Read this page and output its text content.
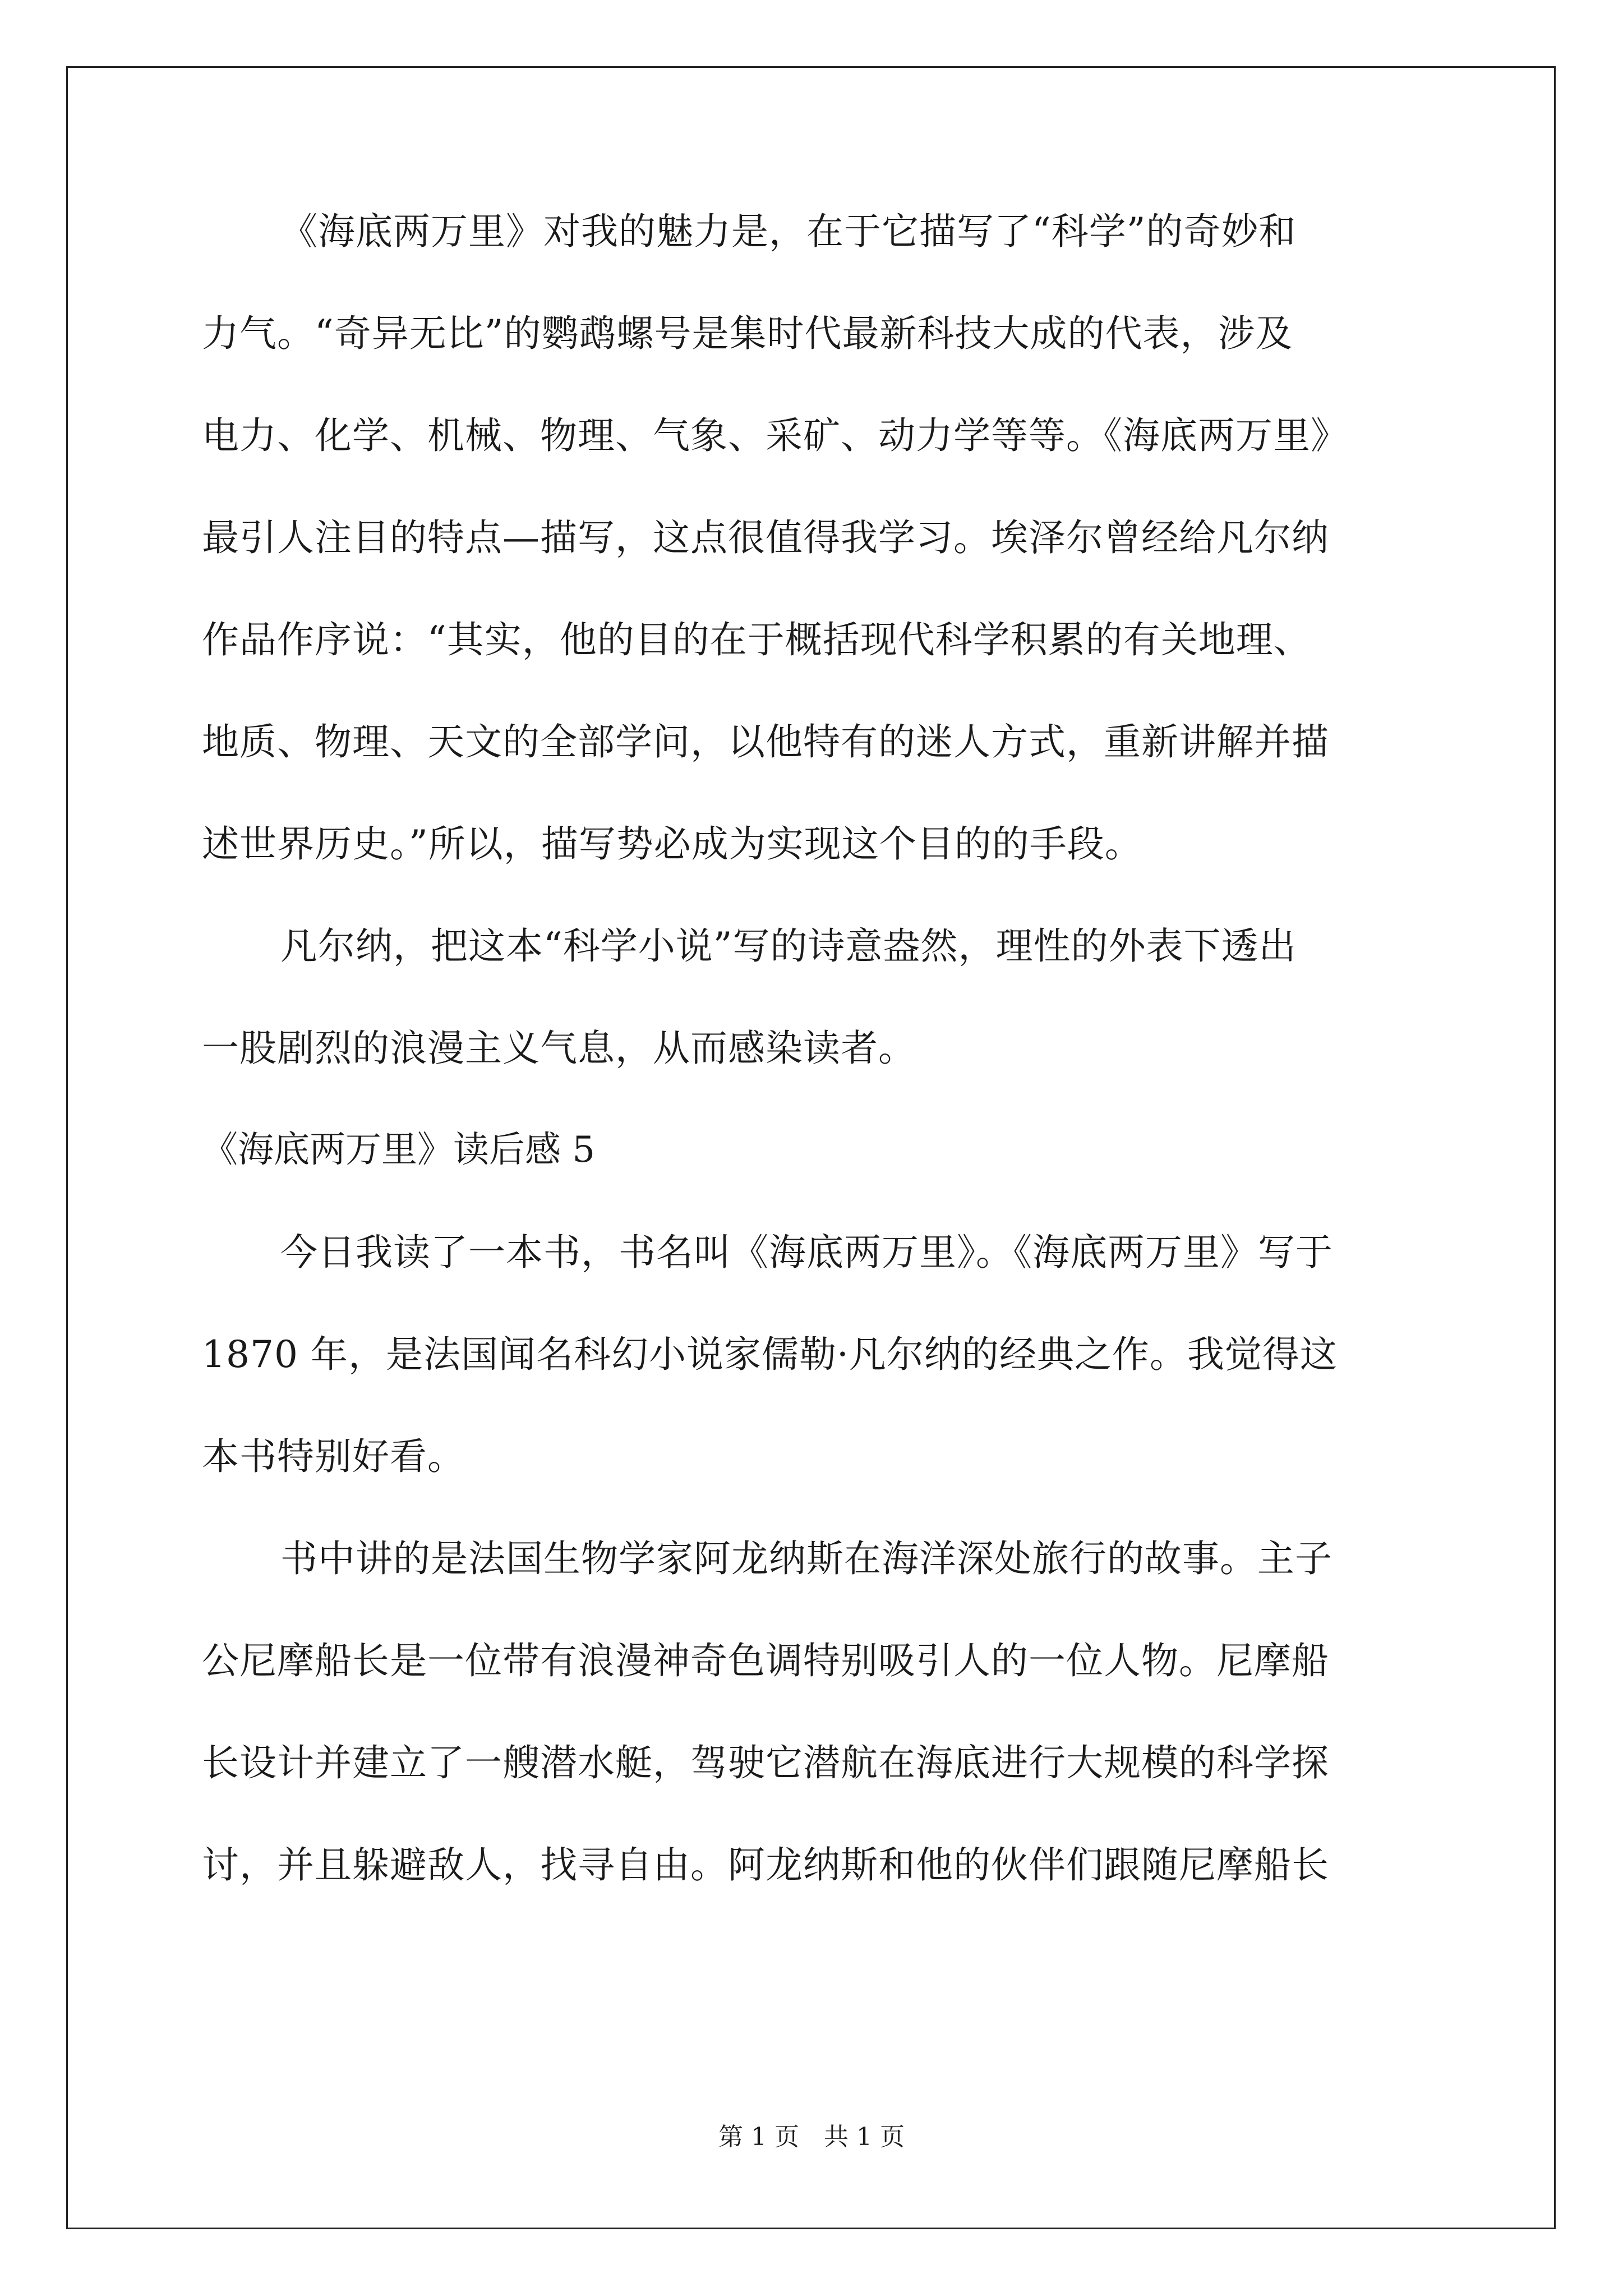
《海底两万里》对我的魅力是，在于它描写了“科学”的奇妙和
力气。“奇异无比”的鹦鹉螺号是集时代最新科技大成的代表，涉及
电力、化学、机械、物理、气象、采矿、动力学等等。《海底两万里》
最引人注目的特点—描写，这点很值得我学习。埃泽尔曾经给凡尔纳
作品作序说：“其实，他的目的在于概括现代科学积累的有关地理、
地质、物理、天文的全部学问，以他特有的迷人方式，重新讲解并描
述世界历史。”所以，描写势必成为实现这个目的的手段。
凡尔纳，把这本“科学小说”写的诗意盎然，理性的外表下透出
一股剧烈的浪漫主义气息，从而感染读者。
《海底两万里》读后感 5
今日我读了一本书，书名叫《海底两万里》。《海底两万里》写于
1870 年，是法国闻名科幻小说家儒勒·凡尔纳的经典之作。我觉得这
本书特别好看。
书中讲的是法国生物学家阿龙纳斯在海洋深处旅行的故事。主子
公尼摩船长是一位带有浪漫神奇色调特别吸引人的一位人物。尼摩船
长设计并建立了一艘潜水艇，驾驶它潜航在海底进行大规模的科学探
讨，并且躲避敌人，找寻自由。阿龙纳斯和他的伙伴们跟随尼摩船长
第 1 页　共 1 页
